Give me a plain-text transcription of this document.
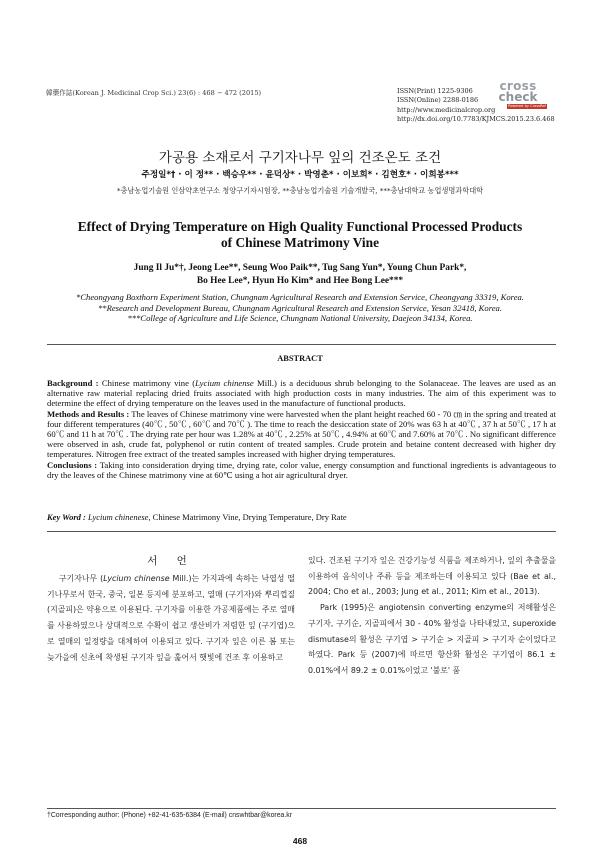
韓藥作誌(Korean J. Medicinal Crop Sci.) 23(6) : 468 − 472 (2015)	ISSN(Print) 1225-9306
ISSN(Online) 2288-0186
http://www.medicinalcrop.org
http://dx.doi.org/10.7783/KJMCS.2015.23.6.468
cross
check
Powered by CrossRef
가공용 소재로서 구기자나무 잎의 건조온도 조건
주정일*† · 이 정** · 백승우** · 윤덕상* · 박영춘* · 이보희* · 김현호* · 이희봉***
*충남농업기술원 인삼약초연구소 청양구기자시험장, **충남농업기술원 기술개발국, ***충남대학교 농업생명과학대학
Effect of Drying Temperature on High Quality Functional Processed Products
of Chinese Matrimony Vine
Jung Il Ju*†, Jeong Lee**, Seung Woo Paik**, Tug Sang Yun*, Young Chun Park*,
Bo Hee Lee*, Hyun Ho Kim* and Hee Bong Lee***
*Cheongyang Boxthorn Experiment Station, Chungnam Agricultural Research and Extension Service, Cheongyang 33319, Korea.
**Research and Development Bureau, Chungnam Agricultural Research and Extension Service, Yesan 32418, Korea.
***College of Agriculture and Life Science, Chungnam National University, Daejeon 34134, Korea.
ABSTRACT

Background : Chinese matrimony vine (Lycium chinense Mill.) is a deciduous shrub belonging to the Solanaceae. The leaves are used as an alternative raw material replacing dried fruits associated with high production costs in many industries. The aim of this experiment was to determine the effect of drying temperature on the leaves used in the manufacture of functional products.

Methods and Results : The leaves of Chinese matrimony vine were harvested when the plant height reached 60 - 70 ㎝ in the spring and treated at four different temperatures (40℃ , 50℃ , 60℃ and 70℃ ). The time to reach the desiccation state of 20% was 63 h at 40℃ , 37 h at 50℃ , 17 h at 60℃ and 11 h at 70℃ . The drying rate per hour was 1.28% at 40℃ , 2.25% at 50℃ , 4.94% at 60℃ and 7.60% at 70℃ . No significant difference were observed in ash, crude fat, polyphenol or rutin content of treated samples. Crude protein and betaine content decreased with higher dry temperatures. Nitrogen free extract of the treated samples increased with higher drying temperatures.

Conclusions : Taking into consideration drying time, drying rate, color value, energy consumption and functional ingredients is advantageous to dry the leaves of the Chinese matrimony vine at 60℃ using a hot air agricultural dryer.

Key Word : Lycium chinenese, Chinese Matrimony Vine, Drying Temperature, Dry Rate
서 언

구기자나무 (Lycium chinense Mill.)는 가지과에 속하는 낙엽성 떨기나무로서 한국, 중국, 일본 등지에 분포하고, 열매 (구기자)와 뿌리껍질 (지골피)은 약용으로 이용된다. 구기자를 이용한 가공제품에는 주로 열매를 사용하였으나 상대적으로 수확이 쉽고 생산비가 저렴한 잎 (구기엽)으로 열매의 일정량을 대체하여 이용되고 있다. 구기자 잎은 이른 봄 또는 늦가을에 신초에 착생된 구기자 잎을 훑어서 햇빛에 건조 후 이용하고

있다. 건조된 구기자 잎은 건강기능성 식품을 제조하거나, 잎의 추출물을 이용하여 음식이나 주류 등을 제조하는데 이용되고 있다 (Bae et al., 2004; Cho et al., 2003; Jung et al., 2011; Kim et al., 2013).

Park (1995)은 angiotensin converting enzyme의 저해활성은 구기자, 구기순, 지골피에서 30 - 40% 활성을 나타내었고, superoxide dismutase의 활성은 구기엽 > 구기순 > 지골피 > 구기자 순이었다고 하였다. Park 등 (2007)에 따르면 항산화 활성은 구기엽이 86.1 ± 0.01%에서 89.2 ± 0.01%이었고 '불로' 품

†Corresponding author: (Phone) +82-41-635-6384 (E-mail) cnswhtbar@korea.kr
468
